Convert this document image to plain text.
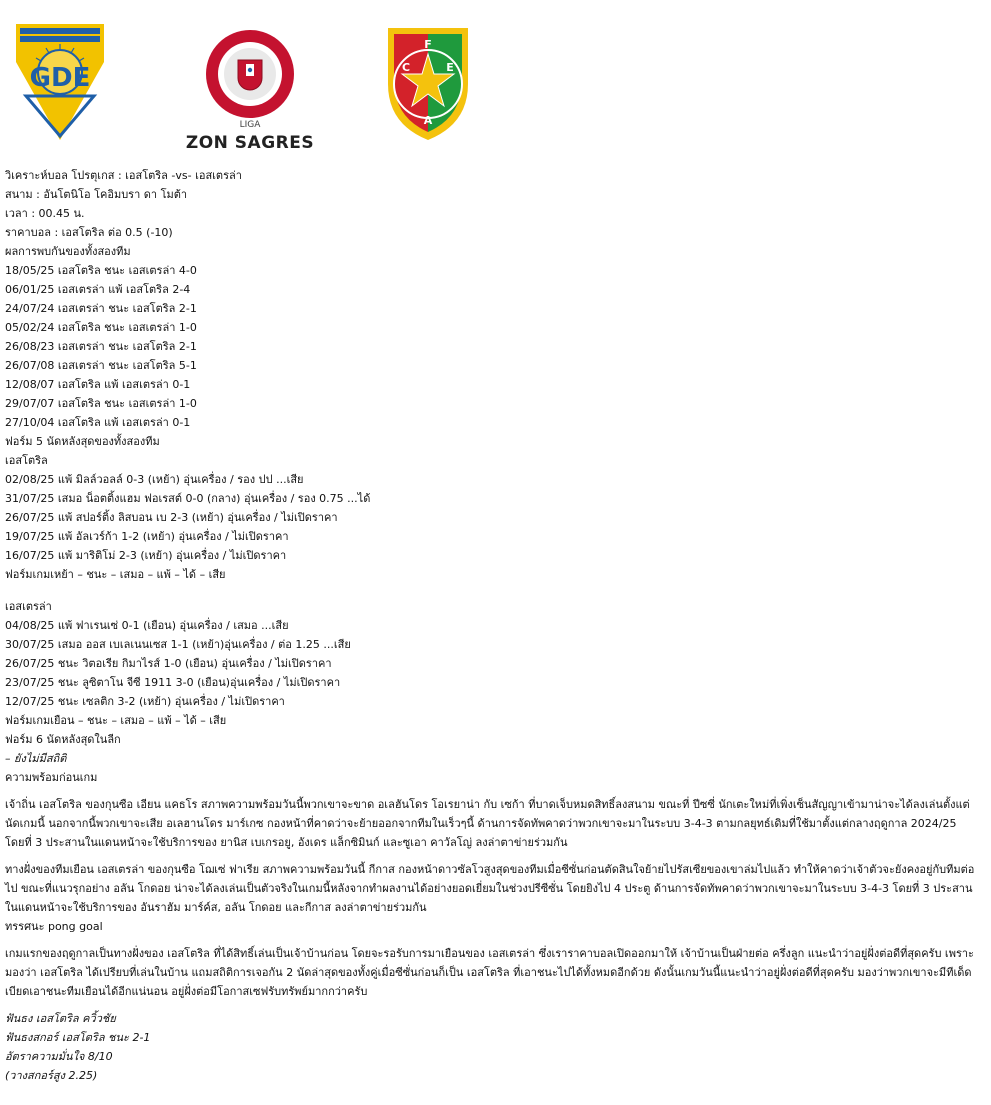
GDE
LIGA
ZON SAGRES
C
F
E
A
วิเคราะห์บอล โปรตุเกส : เอสโตริล -vs- เอสเตรล่า
สนาม : อันโตนิโอ โคอิมบรา ดา โมต้า
เวลา : 00.45 น.
ราคาบอล : เอสโตริล ต่อ 0.5 (-10)
ผลการพบกันของทั้งสองทีม
18/05/25 เอสโตริล ชนะ เอสเตรล่า 4-0
06/01/25 เอสเตรล่า แพ้ เอสโตริล 2-4
24/07/24 เอสเตรล่า ชนะ เอสโตริล 2-1
05/02/24 เอสโตริล ชนะ เอสเตรล่า 1-0
26/08/23 เอสเตรล่า ชนะ เอสโตริล 2-1
26/07/08 เอสเตรล่า ชนะ เอสโตริล 5-1
12/08/07 เอสโตริล แพ้ เอสเตรล่า 0-1
29/07/07 เอสโตริล ชนะ เอสเตรล่า 1-0
27/10/04 เอสโตริล แพ้ เอสเตรล่า 0-1
ฟอร์ม 5 นัดหลังสุดของทั้งสองทีม
เอสโตริล
02/08/25 แพ้ มิลล์วอลล์ 0-3 (เหย้า) อุ่นเครื่อง / รอง ปป ...เสีย
31/07/25 เสมอ น็อตติ้งแฮม ฟอเรสต์ 0-0 (กลาง) อุ่นเครื่อง / รอง 0.75 ...ได้
26/07/25 แพ้ สปอร์ติ้ง ลิสบอน เบ 2-3 (เหย้า) อุ่นเครื่อง / ไม่เปิดราคา
19/07/25 แพ้ อัลเวร์ก้า 1-2 (เหย้า) อุ่นเครื่อง / ไม่เปิดราคา
16/07/25 แพ้ มาริติโม่ 2-3 (เหย้า) อุ่นเครื่อง / ไม่เปิดราคา
ฟอร์มเกมเหย้า – ชนะ – เสมอ – แพ้ – ได้ – เสีย
เอสเตรล่า
04/08/25 แพ้ ฟาเรนเซ่ 0-1 (เยือน) อุ่นเครื่อง / เสมอ ...เสีย
30/07/25 เสมอ ออส เบเลเนนเซส 1-1 (เหย้า)อุ่นเครื่อง / ต่อ 1.25 ...เสีย
26/07/25 ชนะ วิตอเรีย กิมาไรส์ 1-0 (เยือน) อุ่นเครื่อง / ไม่เปิดราคา
23/07/25 ชนะ ลูซิตาโน จีซี 1911 3-0 (เยือน)อุ่นเครื่อง / ไม่เปิดราคา
12/07/25 ชนะ เซลติก 3-2 (เหย้า) อุ่นเครื่อง / ไม่เปิดราคา
ฟอร์มเกมเยือน – ชนะ – เสมอ – แพ้ – ได้ – เสีย
ฟอร์ม 6 นัดหลังสุดในลีก
– ยังไม่มีสถิติ
ความพร้อมก่อนเกม

เจ้าถิ่น เอสโตริล ของกุนซือ เอียน แคธโร สภาพความพร้อมวันนี้พวกเขาจะขาด อเลฮันโดร โอเรยาน่า กับ เซก้า ที่บาดเจ็บหมดสิทธิ์ลงสนาม ขณะที่ ปีซซี่ นักเตะใหม่ที่เพิ่งเซ็นสัญญาเข้ามาน่าจะได้ลงเล่นตั้งแต่นัดเกมนี้ นอกจากนี้พวกเขาจะเสีย อเลฮานโดร มาร์เกซ กองหน้าที่คาดว่าจะย้ายออกจากทีมในเร็วๆนี้ ด้านการจัดทัพคาดว่าพวกเขาจะมาในระบบ 3-4-3 ตามกลยุทธ์เดิมที่ใช้มาตั้งแต่กลางฤดูกาล 2024/25 โดยที่ 3 ประสานในแดนหน้าจะใช้บริการของ ยานิส เบเกรอยู, อังเดร แล็กซิมินก์ และซูเอา คาวัลโญ่ ลงล่าตาข่ายร่วมกัน

ทางฝั่งของทีมเยือน เอสเตรล่า ของกุนซือ โฌเซ่ ฟาเรีย สภาพความพร้อมวันนี้ กีกาส กองหน้าดาวซัลโวสูงสุดของทีมเมื่อซีซั่นก่อนตัดสินใจย้ายไปรัสเซียของเขาล่มไปแล้ว ทำให้คาดว่าเจ้าตัวจะยังคงอยู่กับทีมต่อไป ขณะที่แนวรุกอย่าง อลัน โกดอย น่าจะได้ลงเล่นเป็นตัวจริงในเกมนี้หลังจากทำผลงานได้อย่างยอดเยี่ยมในช่วงปรีซีซั่น โดยยิงไป 4 ประตู ด้านการจัดทัพคาดว่าพวกเขาจะมาในระบบ 3-4-3 โดยที่ 3 ประสานในแดนหน้าจะใช้บริการของ อันราฮัม มาร์ค์ส, อลัน โกดอย และกีกาส ลงล่าตาข่ายร่วมกัน

ทรรศนะ pong goal

เกมแรกของฤดูกาลเป็นทางฝั่งของ เอสโตริล ที่ได้สิทธิ์เล่นเป็นเจ้าบ้านก่อน โดยจะรอรับการมาเยือนของ เอสเตรล่า ซึ่งเราราคาบอลเปิดออกมาให้ เจ้าบ้านเป็นฝ่ายต่อ ครึ่งลูก แนะนำว่าอยู่ฝั่งต่อดีที่สุดครับ เพราะมองว่า เอสโตริล ได้เปรียบที่เล่นในบ้าน แถมสถิติการเจอกัน 2 นัดล่าสุดของทั้งคู่เมื่อซีซั่นก่อนก็เป็น เอสโตริล ที่เอาชนะไปได้ทั้งหมดอีกด้วย ดังนั้นเกมวันนี้แนะนำว่าอยู่ฝั่งต่อดีที่สุดครับ มองว่าพวกเขาจะมีทีเด็ดเบียดเอาชนะทีมเยือนได้อีกแน่นอน อยู่ฝั่งต่อมีโอกาสเซฟรับทรัพย์มากกว่าครับ

ฟันธง เอสโตริล ควิ้วชัย
ฟันธงสกอร์ เอสโตริล ชนะ 2-1
อัตราความมั่นใจ 8/10
(วางสกอร์สูง 2.25)
